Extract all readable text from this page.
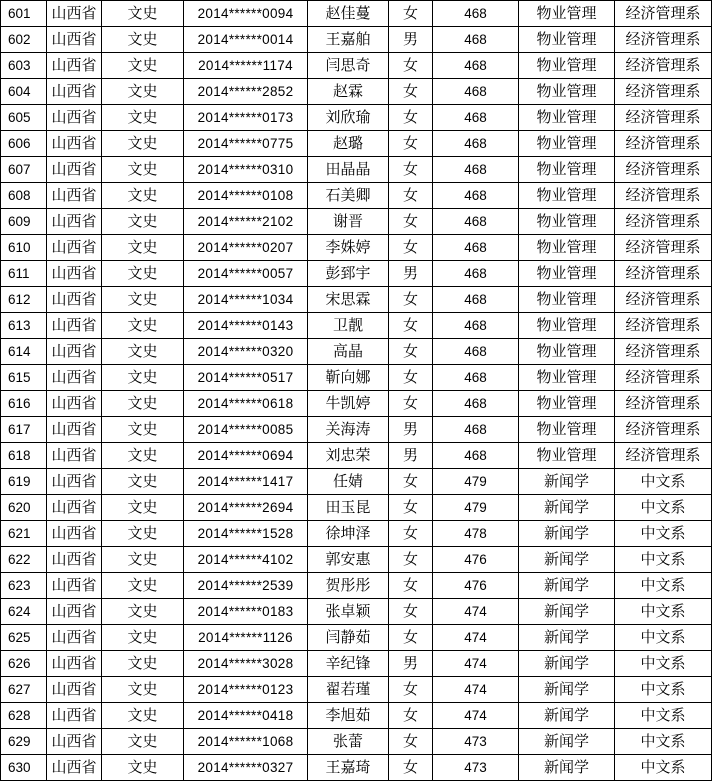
601	山西省	文史	2014******0094	赵佳蔓	女	468	物业管理	经济管理系
602	山西省	文史	2014******0014	王嘉舶	男	468	物业管理	经济管理系
603	山西省	文史	2014******1174	闫思奇	女	468	物业管理	经济管理系
604	山西省	文史	2014******2852	赵霖	女	468	物业管理	经济管理系
605	山西省	文史	2014******0173	刘欣瑜	女	468	物业管理	经济管理系
606	山西省	文史	2014******0775	赵璐	女	468	物业管理	经济管理系
607	山西省	文史	2014******0310	田晶晶	女	468	物业管理	经济管理系
608	山西省	文史	2014******0108	石美卿	女	468	物业管理	经济管理系
609	山西省	文史	2014******2102	谢晋	女	468	物业管理	经济管理系
610	山西省	文史	2014******0207	李姝婷	女	468	物业管理	经济管理系
611	山西省	文史	2014******0057	彭郅宇	男	468	物业管理	经济管理系
612	山西省	文史	2014******1034	宋思霖	女	468	物业管理	经济管理系
613	山西省	文史	2014******0143	卫靓	女	468	物业管理	经济管理系
614	山西省	文史	2014******0320	高晶	女	468	物业管理	经济管理系
615	山西省	文史	2014******0517	靳向娜	女	468	物业管理	经济管理系
616	山西省	文史	2014******0618	牛凯婷	女	468	物业管理	经济管理系
617	山西省	文史	2014******0085	关海涛	男	468	物业管理	经济管理系
618	山西省	文史	2014******0694	刘忠荣	男	468	物业管理	经济管理系
619	山西省	文史	2014******1417	任婧	女	479	新闻学	中文系
620	山西省	文史	2014******2694	田玉昆	女	479	新闻学	中文系
621	山西省	文史	2014******1528	徐坤泽	女	478	新闻学	中文系
622	山西省	文史	2014******4102	郭安惠	女	476	新闻学	中文系
623	山西省	文史	2014******2539	贺彤彤	女	476	新闻学	中文系
624	山西省	文史	2014******0183	张卓颖	女	474	新闻学	中文系
625	山西省	文史	2014******1126	闫静茹	女	474	新闻学	中文系
626	山西省	文史	2014******3028	辛纪锋	男	474	新闻学	中文系
627	山西省	文史	2014******0123	翟若瑾	女	474	新闻学	中文系
628	山西省	文史	2014******0418	李旭茹	女	474	新闻学	中文系
629	山西省	文史	2014******1068	张蕾	女	473	新闻学	中文系
630	山西省	文史	2014******0327	王嘉琦	女	473	新闻学	中文系
